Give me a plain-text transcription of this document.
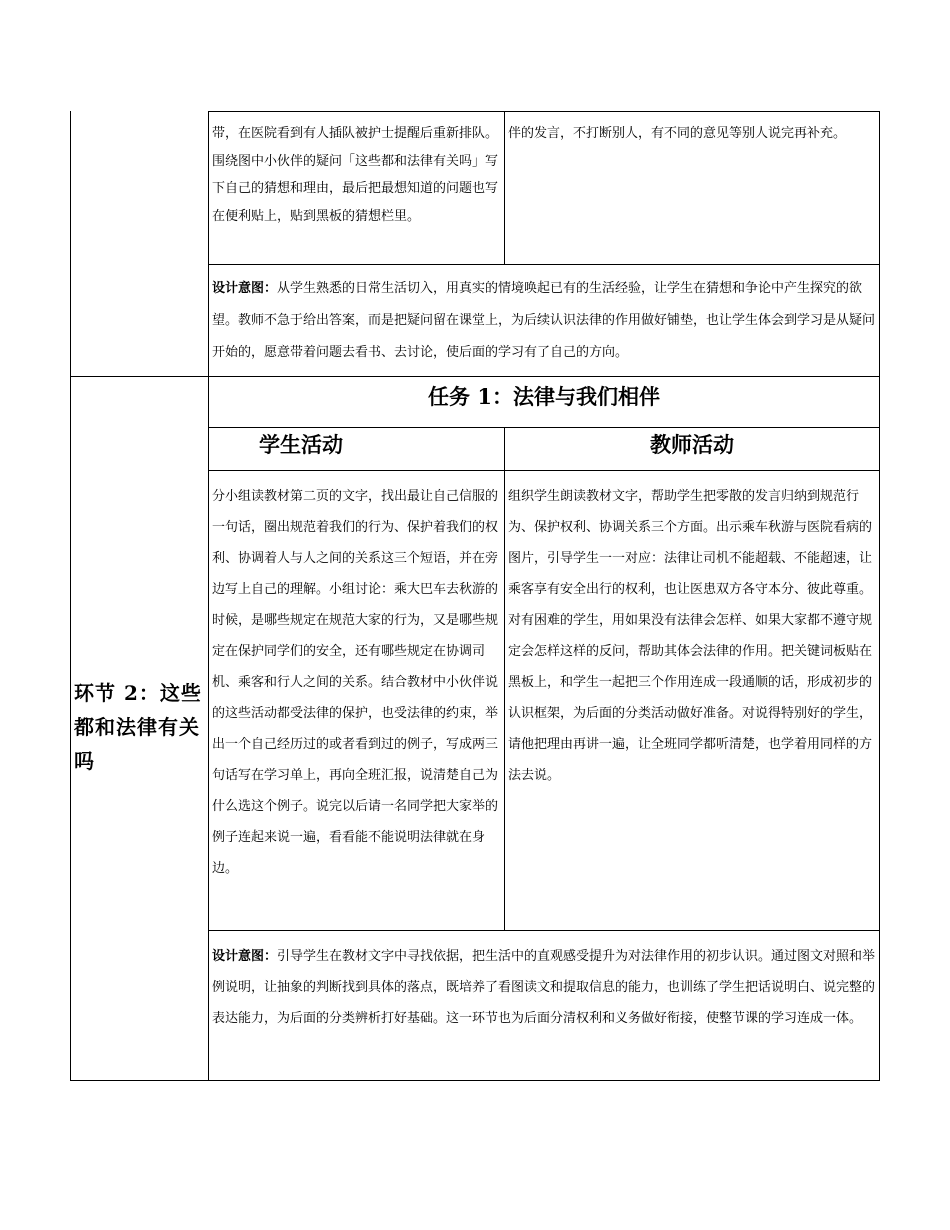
带，在医院看到有人插队被护士提醒后重新排队。围绕图中小伙伴的疑问「这些都和法律有关吗」写下自己的猜想和理由，最后把最想知道的问题也写在便利贴上，贴到黑板的猜想栏里。
伴的发言，不打断别人，有不同的意见等别人说完再补充。
设计意图：从学生熟悉的日常生活切入，用真实的情境唤起已有的生活经验，让学生在猜想和争论中产生探究的欲望。教师不急于给出答案，而是把疑问留在课堂上，为后续认识法律的作用做好铺垫，也让学生体会到学习是从疑问开始的，愿意带着问题去看书、去讨论，使后面的学习有了自己的方向。
环节 2：这些都和法律有关吗
任务 1：法律与我们相伴
学生活动	教师活动
分小组读教材第二页的文字，找出最让自己信服的一句话，圈出规范着我们的行为、保护着我们的权利、协调着人与人之间的关系这三个短语，并在旁边写上自己的理解。小组讨论：乘大巴车去秋游的时候，是哪些规定在规范大家的行为，又是哪些规定在保护同学们的安全，还有哪些规定在协调司机、乘客和行人之间的关系。结合教材中小伙伴说的这些活动都受法律的保护，也受法律的约束，举出一个自己经历过的或者看到过的例子，写成两三句话写在学习单上，再向全班汇报，说清楚自己为什么选这个例子。说完以后请一名同学把大家举的例子连起来说一遍，看看能不能说明法律就在身边。
组织学生朗读教材文字，帮助学生把零散的发言归纳到规范行为、保护权利、协调关系三个方面。出示乘车秋游与医院看病的图片，引导学生一一对应：法律让司机不能超载、不能超速，让乘客享有安全出行的权利，也让医患双方各守本分、彼此尊重。对有困难的学生，用如果没有法律会怎样、如果大家都不遵守规定会怎样这样的反问，帮助其体会法律的作用。把关键词板贴在黑板上，和学生一起把三个作用连成一段通顺的话，形成初步的认识框架，为后面的分类活动做好准备。对说得特别好的学生，请他把理由再讲一遍，让全班同学都听清楚，也学着用同样的方法去说。
设计意图：引导学生在教材文字中寻找依据，把生活中的直观感受提升为对法律作用的初步认识。通过图文对照和举例说明，让抽象的判断找到具体的落点，既培养了看图读文和提取信息的能力，也训练了学生把话说明白、说完整的表达能力，为后面的分类辨析打好基础。这一环节也为后面分清权利和义务做好衔接，使整节课的学习连成一体。
